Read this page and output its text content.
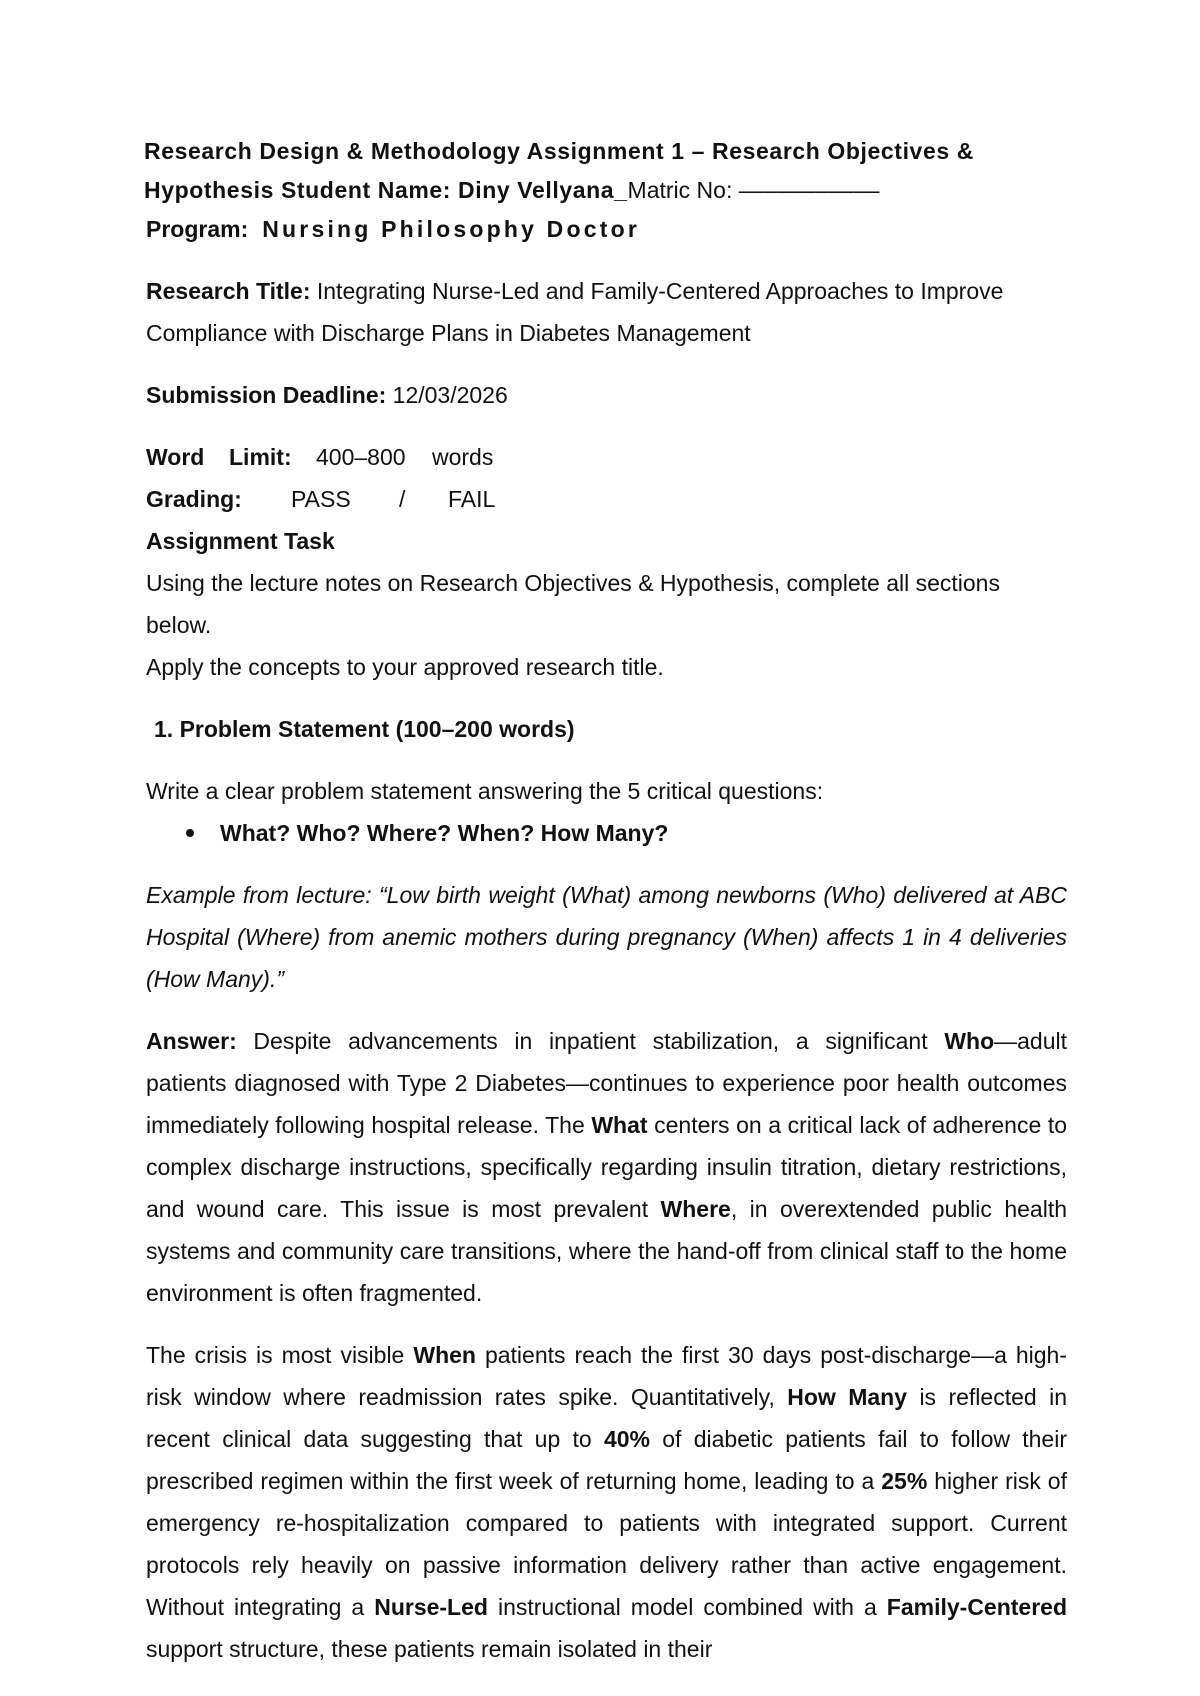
Research Design & Methodology Assignment 1 – Research Objectives &
Hypothesis Student Name: Diny Vellyana_Matric No: –––––––––––
Program: Nursing Philosophy Doctor

Research Title: Integrating Nurse-Led and Family-Centered Approaches to Improve Compliance with Discharge Plans in Diabetes Management

Submission Deadline: 12/03/2026

Word	Limit:	400–800	words
Grading:	PASS	/	FAIL

Assignment Task

Using the lecture notes on Research Objectives & Hypothesis, complete all sections below.

Apply the concepts to your approved research title.

1. Problem Statement (100–200 words)

Write a clear problem statement answering the 5 critical questions:

What? Who? Where? When? How Many?

Example from lecture: “Low birth weight (What) among newborns (Who) delivered at ABC Hospital (Where) from anemic mothers during pregnancy (When) affects 1 in 4 deliveries (How Many).”

Answer: Despite advancements in inpatient stabilization, a significant Who—adult patients diagnosed with Type 2 Diabetes—continues to experience poor health outcomes immediately following hospital release. The What centers on a critical lack of adherence to complex discharge instructions, specifically regarding insulin titration, dietary restrictions, and wound care. This issue is most prevalent Where, in overextended public health systems and community care transitions, where the hand-off from clinical staff to the home environment is often fragmented.

The crisis is most visible When patients reach the first 30 days post-discharge—a high-risk window where readmission rates spike. Quantitatively, How Many is reflected in recent clinical data suggesting that up to 40% of diabetic patients fail to follow their prescribed regimen within the first week of returning home, leading to a 25% higher risk of emergency re-hospitalization compared to patients with integrated support. Current protocols rely heavily on passive information delivery rather than active engagement. Without integrating a Nurse-Led instructional model combined with a Family-Centered support structure, these patients remain isolated in their
